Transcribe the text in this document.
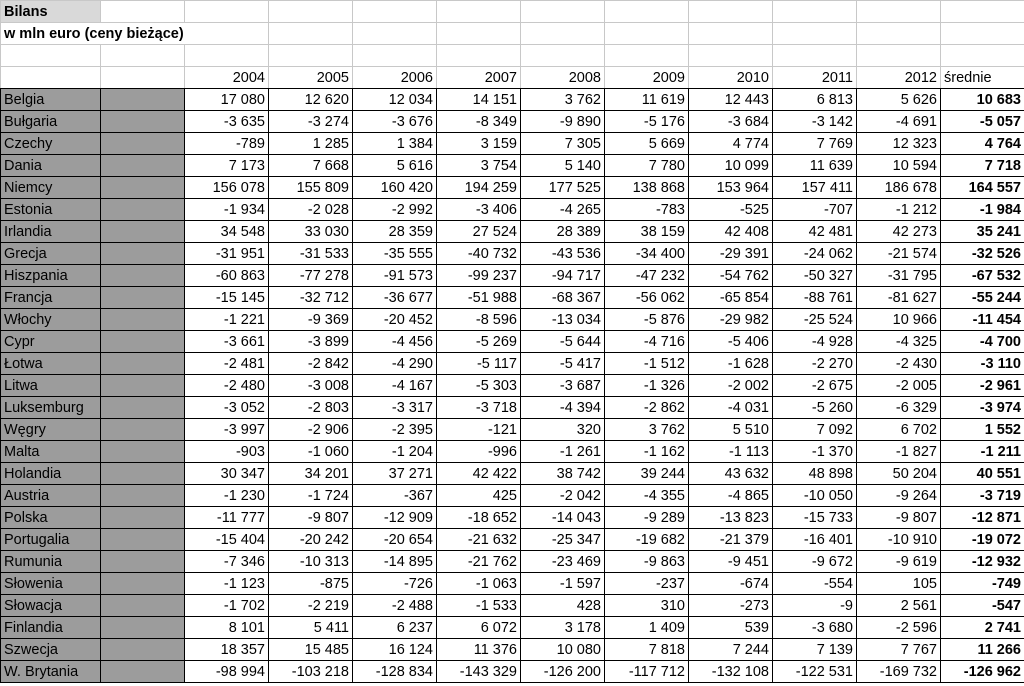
Bilans											
w mln euro (ceny bieżące)											

		2004	2005	2006	2007	2008	2009	2010	2011	2012	średnie
Belgia		17 080	12 620	12 034	14 151	3 762	11 619	12 443	6 813	5 626	10 683
Bułgaria		-3 635	-3 274	-3 676	-8 349	-9 890	-5 176	-3 684	-3 142	-4 691	-5 057
Czechy		-789	1 285	1 384	3 159	7 305	5 669	4 774	7 769	12 323	4 764
Dania		7 173	7 668	5 616	3 754	5 140	7 780	10 099	11 639	10 594	7 718
Niemcy		156 078	155 809	160 420	194 259	177 525	138 868	153 964	157 411	186 678	164 557
Estonia		-1 934	-2 028	-2 992	-3 406	-4 265	-783	-525	-707	-1 212	-1 984
Irlandia		34 548	33 030	28 359	27 524	28 389	38 159	42 408	42 481	42 273	35 241
Grecja		-31 951	-31 533	-35 555	-40 732	-43 536	-34 400	-29 391	-24 062	-21 574	-32 526
Hiszpania		-60 863	-77 278	-91 573	-99 237	-94 717	-47 232	-54 762	-50 327	-31 795	-67 532
Francja		-15 145	-32 712	-36 677	-51 988	-68 367	-56 062	-65 854	-88 761	-81 627	-55 244
Włochy		-1 221	-9 369	-20 452	-8 596	-13 034	-5 876	-29 982	-25 524	10 966	-11 454
Cypr		-3 661	-3 899	-4 456	-5 269	-5 644	-4 716	-5 406	-4 928	-4 325	-4 700
Łotwa		-2 481	-2 842	-4 290	-5 117	-5 417	-1 512	-1 628	-2 270	-2 430	-3 110
Litwa		-2 480	-3 008	-4 167	-5 303	-3 687	-1 326	-2 002	-2 675	-2 005	-2 961
Luksemburg		-3 052	-2 803	-3 317	-3 718	-4 394	-2 862	-4 031	-5 260	-6 329	-3 974
Węgry		-3 997	-2 906	-2 395	-121	320	3 762	5 510	7 092	6 702	1 552
Malta		-903	-1 060	-1 204	-996	-1 261	-1 162	-1 113	-1 370	-1 827	-1 211
Holandia		30 347	34 201	37 271	42 422	38 742	39 244	43 632	48 898	50 204	40 551
Austria		-1 230	-1 724	-367	425	-2 042	-4 355	-4 865	-10 050	-9 264	-3 719
Polska		-11 777	-9 807	-12 909	-18 652	-14 043	-9 289	-13 823	-15 733	-9 807	-12 871
Portugalia		-15 404	-20 242	-20 654	-21 632	-25 347	-19 682	-21 379	-16 401	-10 910	-19 072
Rumunia		-7 346	-10 313	-14 895	-21 762	-23 469	-9 863	-9 451	-9 672	-9 619	-12 932
Słowenia		-1 123	-875	-726	-1 063	-1 597	-237	-674	-554	105	-749
Słowacja		-1 702	-2 219	-2 488	-1 533	428	310	-273	-9	2 561	-547
Finlandia		8 101	5 411	6 237	6 072	3 178	1 409	539	-3 680	-2 596	2 741
Szwecja		18 357	15 485	16 124	11 376	10 080	7 818	7 244	7 139	7 767	11 266
W. Brytania		-98 994	-103 218	-128 834	-143 329	-126 200	-117 712	-132 108	-122 531	-169 732	-126 962
